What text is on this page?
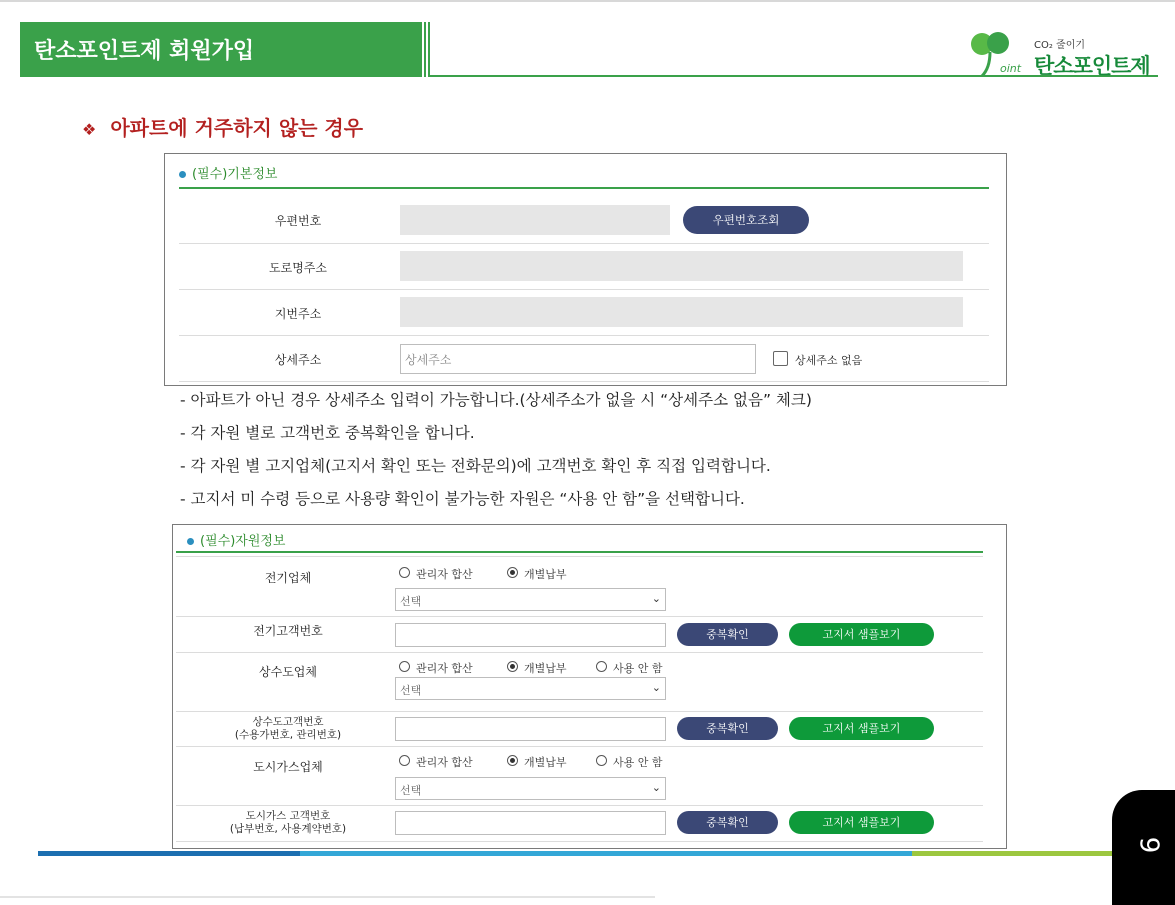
탄소포인트제 회원가입
oint
CO₂ 줄이기
탄소포인트제
❖ 아파트에 거주하지 않는 경우
(필수)기본정보
우편번호	우편번호조회
도로명주소
지번주소
상세주소	상세주소	상세주소 없음
- 아파트가 아닌 경우 상세주소 입력이 가능합니다.(상세주소가 없을 시 “상세주소 없음” 체크)
- 각 자원 별로 고객번호 중복확인을 합니다.
- 각 자원 별 고지업체(고지서 확인 또는 전화문의)에 고객번호 확인 후 직접 입력합니다.
- 고지서 미 수령 등으로 사용량 확인이 불가능한 자원은 “사용 안 함”을 선택합니다.
(필수)자원정보
전기업체	관리자 합산	개별납부
선택	⌄
전기고객번호	중복확인	고지서 샘플보기
상수도업체	관리자 합산	개별납부	사용 안 함
선택	⌄
상수도고객번호
(수용가번호, 관리번호)	중복확인	고지서 샘플보기
도시가스업체	관리자 합산	개별납부	사용 안 함
선택	⌄
도시가스 고객번호
(납부번호, 사용계약번호)	중복확인	고지서 샘플보기
9
